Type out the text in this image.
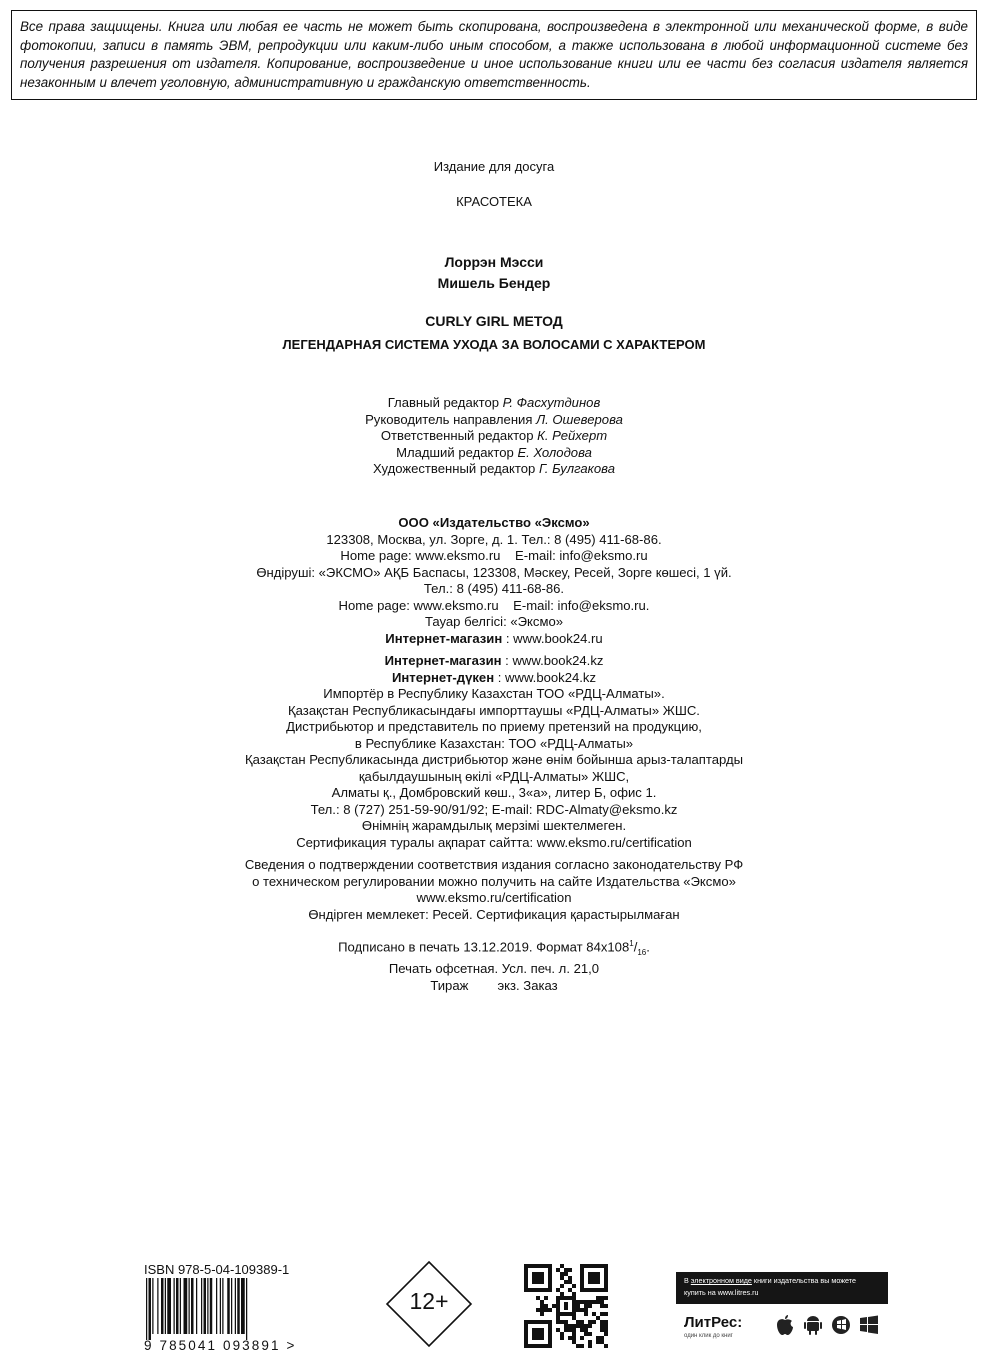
Все права защищены. Книга или любая ее часть не может быть скопирована, воспроизведена в электронной или механической форме, в виде фотокопии, записи в память ЭВМ, репродукции или каким-либо иным способом, а также использована в любой информационной системе без получения разрешения от издателя. Копирование, воспроизведение и иное использование книги или ее части без согласия издателя является незаконным и влечет уголовную, административную и гражданскую ответственность.
Издание для досуга
КРАСОТЕКА
Лоррэн Мэсси
Мишель Бендер
CURLY GIRL МЕТОД
ЛЕГЕНДАРНАЯ СИСТЕМА УХОДА ЗА ВОЛОСАМИ С ХАРАКТЕРОМ
Главный редактор Р. Фасхутдинов
Руководитель направления Л. Ошеверова
Ответственный редактор К. Рейхерт
Младший редактор Е. Холодова
Художественный редактор Г. Булгакова
ООО «Издательство «Эксмо»
123308, Москва, ул. Зорге, д. 1. Тел.: 8 (495) 411-68-86.
Home page: www.eksmo.ru    E-mail: info@eksmo.ru
Өндіруші: «ЭКСМО» АҚБ Баспасы, 123308, Мәскеу, Ресей, Зорге көшесі, 1 үй.
Тел.: 8 (495) 411-68-86.
Home page: www.eksmo.ru    E-mail: info@eksmo.ru.
Тауар белгісі: «Эксмо»
Интернет-магазин : www.book24.ru
Интернет-магазин : www.book24.kz
Интернет-дүкен : www.book24.kz
Импортёр в Республику Казахстан ТОО «РДЦ-Алматы».
Қазақстан Республикасындағы импорттаушы «РДЦ-Алматы» ЖШС.
Дистрибьютор и представитель по приему претензий на продукцию,
в Республике Казахстан: ТОО «РДЦ-Алматы»
Қазақстан Республикасында дистрибьютор және өнім бойынша арыз-талаптарды
қабылдаушының өкілі «РДЦ-Алматы» ЖШС,
Алматы қ., Домбровский көш., 3«а», литер Б, офис 1.
Тел.: 8 (727) 251-59-90/91/92; E-mail: RDC-Almaty@eksmo.kz
Өнімнің жарамдылық мерзімі шектелмеген.
Сертификация туралы ақпарат сайтта: www.eksmo.ru/certification
Сведения о подтверждении соответствия издания согласно законодательству РФ
о техническом регулировании можно получить на сайте Издательства «Эксмо»
www.eksmo.ru/certification
Өндірген мемлекет: Ресей. Сертификация қарастырылмаған
Подписано в печать 13.12.2019. Формат $84x108^1/_{16}$.
Печать офсетная. Усл. печ. л. 21,0
Тираж        экз. Заказ
ISBN 978-5-04-109389-1
9 785041 093891 >
12+
В электронном виде книги издательства вы можете
купить на www.litres.ru
ЛитРес:
один клик до книг
